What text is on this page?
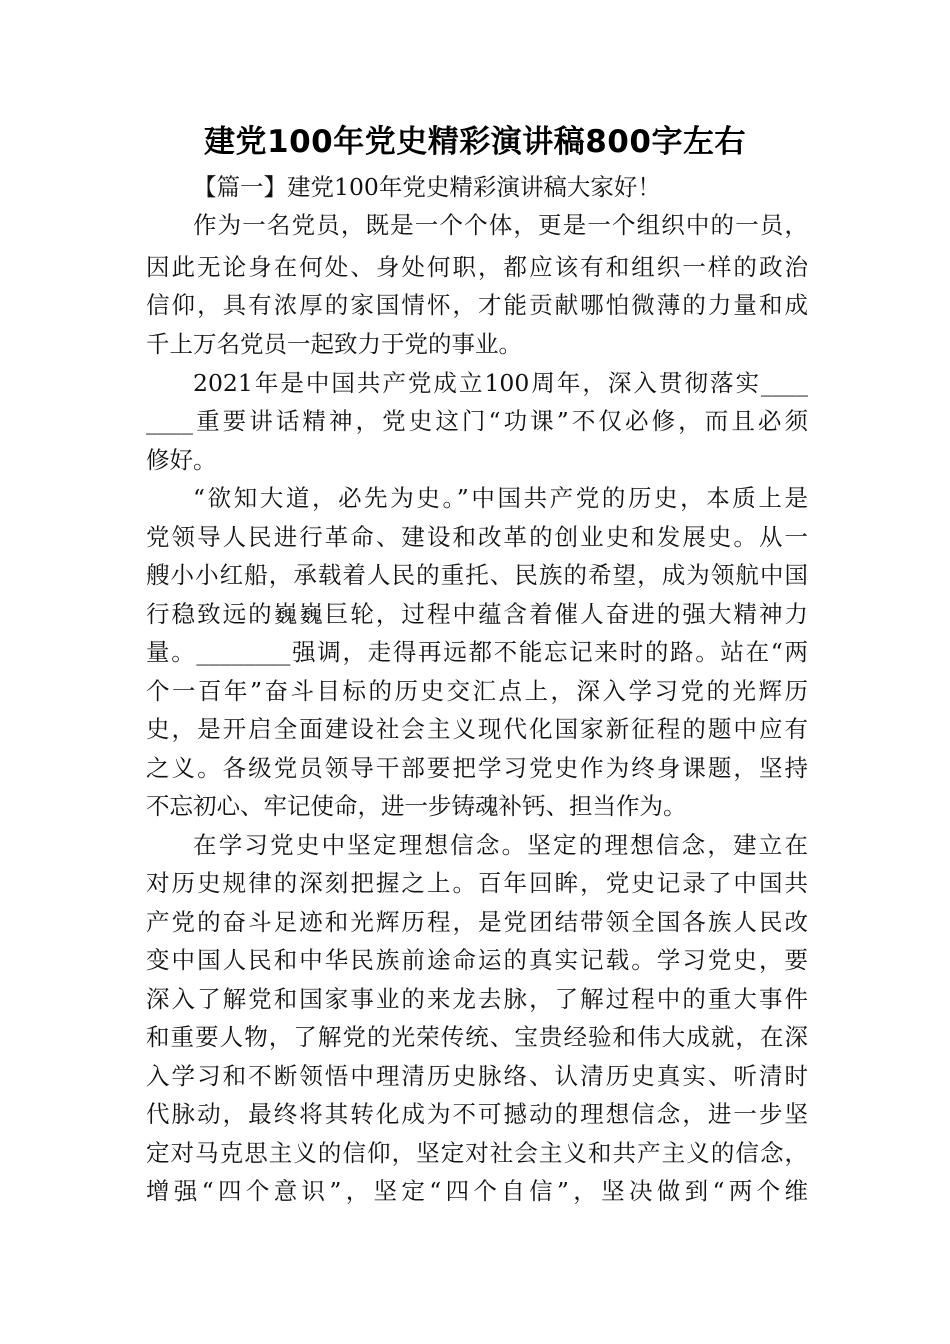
建党100年党史精彩演讲稿800字左右
【篇一】建党100年党史精彩演讲稿大家好！
作为一名党员，既是一个个体，更是一个组织中的一员，
因此无论身在何处、身处何职，都应该有和组织一样的政治
信仰，具有浓厚的家国情怀，才能贡献哪怕微薄的力量和成
千上万名党员一起致力于党的事业。
2021年是中国共产党成立100周年，深入贯彻落实____
____重要讲话精神，党史这门“功课”不仅必修，而且必须
修好。
“欲知大道，必先为史。”中国共产党的历史，本质上是
党领导人民进行革命、建设和改革的创业史和发展史。从一
艘小小红船，承载着人民的重托、民族的希望，成为领航中国
行稳致远的巍巍巨轮，过程中蕴含着催人奋进的强大精神力
量。________强调，走得再远都不能忘记来时的路。站在“两
个一百年”奋斗目标的历史交汇点上，深入学习党的光辉历
史，是开启全面建设社会主义现代化国家新征程的题中应有
之义。各级党员领导干部要把学习党史作为终身课题，坚持
不忘初心、牢记使命，进一步铸魂补钙、担当作为。
在学习党史中坚定理想信念。坚定的理想信念，建立在
对历史规律的深刻把握之上。百年回眸，党史记录了中国共
产党的奋斗足迹和光辉历程，是党团结带领全国各族人民改
变中国人民和中华民族前途命运的真实记载。学习党史，要
深入了解党和国家事业的来龙去脉，了解过程中的重大事件
和重要人物，了解党的光荣传统、宝贵经验和伟大成就，在深
入学习和不断领悟中理清历史脉络、认清历史真实、听清时
代脉动，最终将其转化成为不可撼动的理想信念，进一步坚
定对马克思主义的信仰，坚定对社会主义和共产主义的信念，
增强“四个意识”，坚定“四个自信”，坚决做到“两个维
